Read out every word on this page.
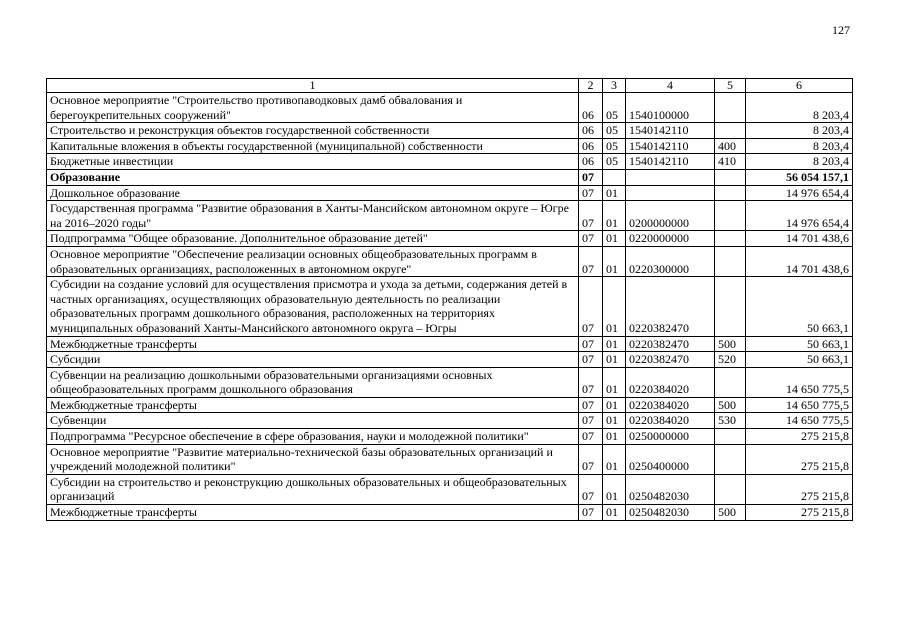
127
1	2	3	4	5	6
Основное мероприятие "Строительство противопаводковых дамб обвалования и берегоукрепительных сооружений"	06	05	1540100000		8 203,4
Строительство и реконструкция объектов государственной собственности	06	05	1540142110		8 203,4
Капитальные вложения в объекты государственной (муниципальной) собственности	06	05	1540142110	400	8 203,4
Бюджетные инвестиции	06	05	1540142110	410	8 203,4
Образование	07				56 054 157,1
Дошкольное образование	07	01			14 976 654,4
Государственная программа "Развитие образования в Ханты-Мансийском автономном округе – Югре на 2016–2020 годы"	07	01	0200000000		14 976 654,4
Подпрограмма "Общее образование. Дополнительное образование детей"	07	01	0220000000		14 701 438,6
Основное мероприятие "Обеспечение реализации основных общеобразовательных программ в образовательных организациях, расположенных в автономном округе"	07	01	0220300000		14 701 438,6
Субсидии на создание условий для осуществления присмотра и ухода за детьми, содержания детей в частных организациях, осуществляющих образовательную деятельность по реализации образовательных программ дошкольного образования, расположенных на территориях муниципальных образований Ханты-Мансийского автономного округа – Югры	07	01	0220382470		50 663,1
Межбюджетные трансферты	07	01	0220382470	500	50 663,1
Субсидии	07	01	0220382470	520	50 663,1
Субвенции на реализацию дошкольными образовательными организациями основных общеобразовательных программ дошкольного образования	07	01	0220384020		14 650 775,5
Межбюджетные трансферты	07	01	0220384020	500	14 650 775,5
Субвенции	07	01	0220384020	530	14 650 775,5
Подпрограмма "Ресурсное обеспечение в сфере образования, науки и молодежной политики"	07	01	0250000000		275 215,8
Основное мероприятие "Развитие материально-технической базы образовательных организаций и учреждений молодежной политики"	07	01	0250400000		275 215,8
Субсидии на строительство и реконструкцию дошкольных образовательных и общеобразовательных организаций	07	01	0250482030		275 215,8
Межбюджетные трансферты	07	01	0250482030	500	275 215,8
